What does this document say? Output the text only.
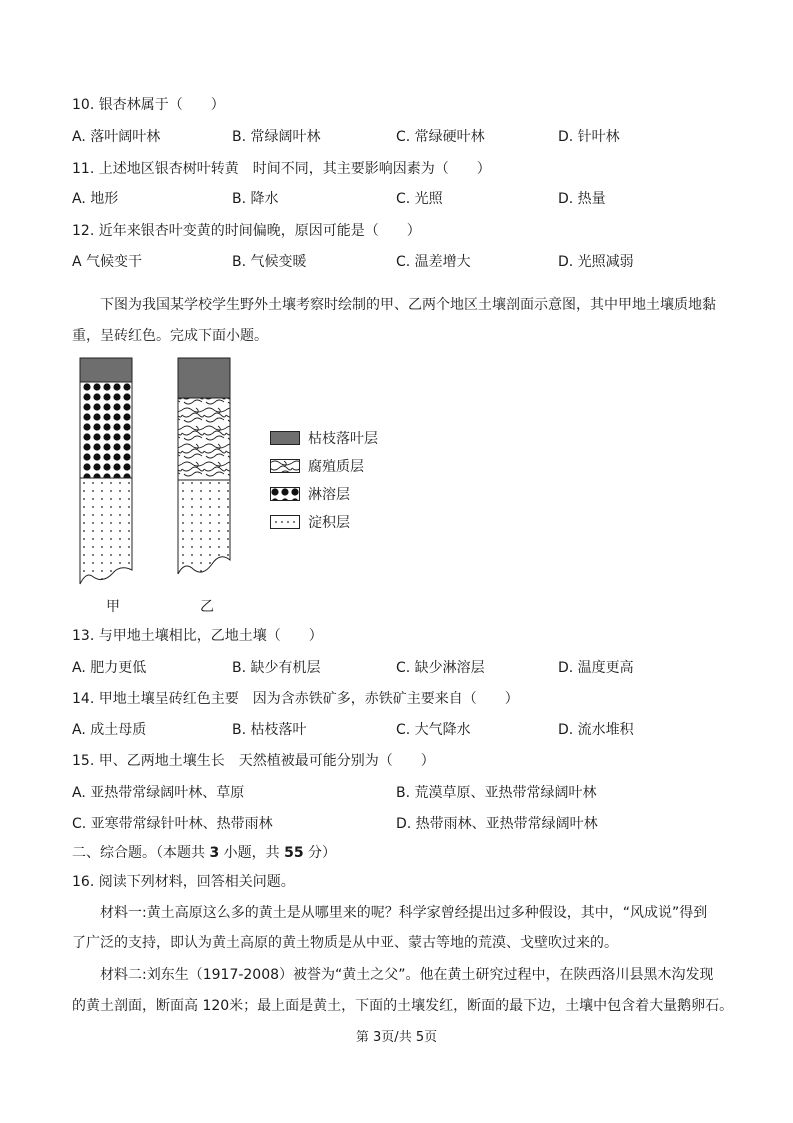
10. 银杏林属于（　　）
A. 落叶阔叶林	B. 常绿阔叶林	C. 常绿硬叶林	D. 针叶林
11. 上述地区银杏树叶转黄　时间不同，其主要影响因素为（　　）
A. 地形	B. 降水	C. 光照	D. 热量
12. 近年来银杏叶变黄的时间偏晚，原因可能是（　　）
A 气候变干	B. 气候变暖	C. 温差增大	D. 光照减弱
下图为我国某学校学生野外土壤考察时绘制的甲、乙两个地区土壤剖面示意图，其中甲地土壤质地黏
重，呈砖红色。完成下面小题。
甲	乙
枯枝落叶层
腐殖质层
淋溶层
淀积层
13. 与甲地土壤相比，乙地土壤（　　）
A. 肥力更低	B. 缺少有机层	C. 缺少淋溶层	D. 温度更高
14. 甲地土壤呈砖红色主要　因为含赤铁矿多，赤铁矿主要来自（　　）
A. 成土母质	B. 枯枝落叶	C. 大气降水	D. 流水堆积
15. 甲、乙两地土壤生长　天然植被最可能分别为（　　）
A. 亚热带常绿阔叶林、草原	B. 荒漠草原、亚热带常绿阔叶林
C. 亚寒带常绿针叶林、热带雨林	D. 热带雨林、亚热带常绿阔叶林
二、综合题。（本题共 3 小题，共 55 分）
16. 阅读下列材料，回答相关问题。
材料一:黄土高原这么多的黄土是从哪里来的呢？科学家曾经提出过多种假设，其中，“风成说”得到
了广泛的支持，即认为黄土高原的黄土物质是从中亚、蒙古等地的荒漠、戈壁吹过来的。
材料二:刘东生（1917-2008）被誉为“黄土之父”。他在黄土研究过程中，在陕西洛川县黑木沟发现
的黄土剖面，断面高 120米；最上面是黄土，下面的土壤发红，断面的最下边，土壤中包含着大量鹅卵石。
第 3页/共 5页
